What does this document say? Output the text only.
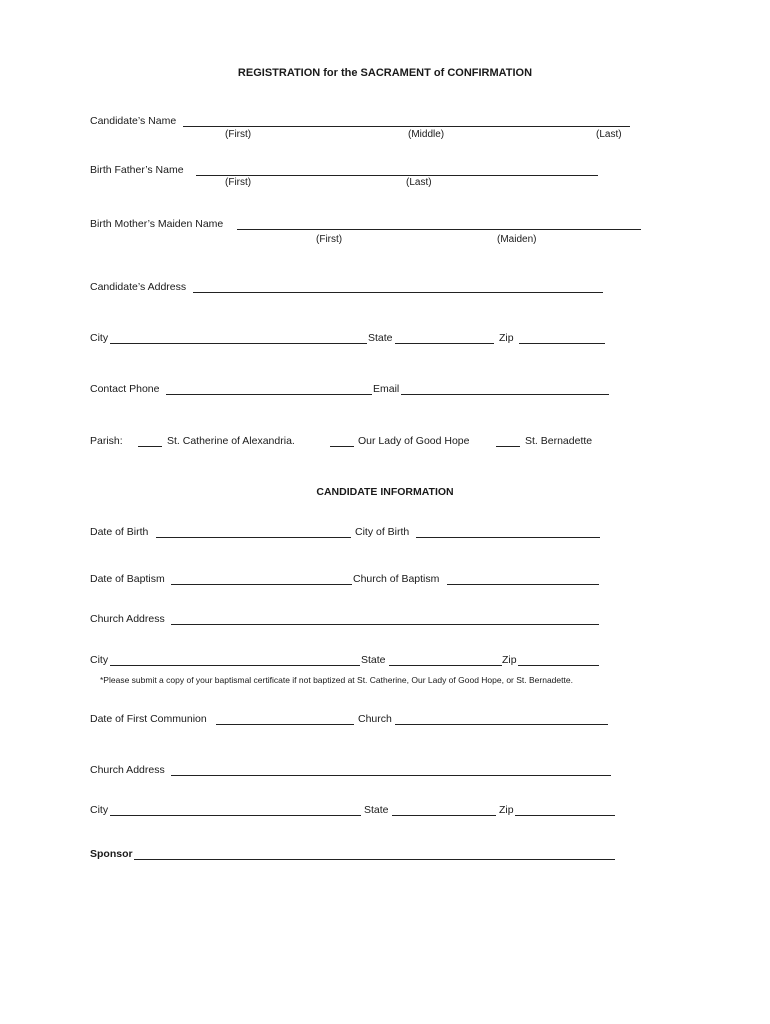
REGISTRATION for the SACRAMENT of CONFIRMATION
Candidate’s Name
(First)	(Middle)	(Last)
Birth Father’s Name
(First)	(Last)
Birth Mother’s Maiden Name
(First)	(Maiden)
Candidate’s Address
City	State	Zip
Contact Phone	Email
Parish:	St. Catherine of Alexandria.	Our Lady of Good Hope	St. Bernadette
CANDIDATE INFORMATION
Date of Birth	City of Birth
Date of Baptism	Church of Baptism
Church Address
City	State	Zip
*Please submit a copy of your baptismal certificate if not baptized at St. Catherine, Our Lady of Good Hope, or St. Bernadette.
Date of First Communion	Church
Church Address
City	State	Zip
Sponsor
